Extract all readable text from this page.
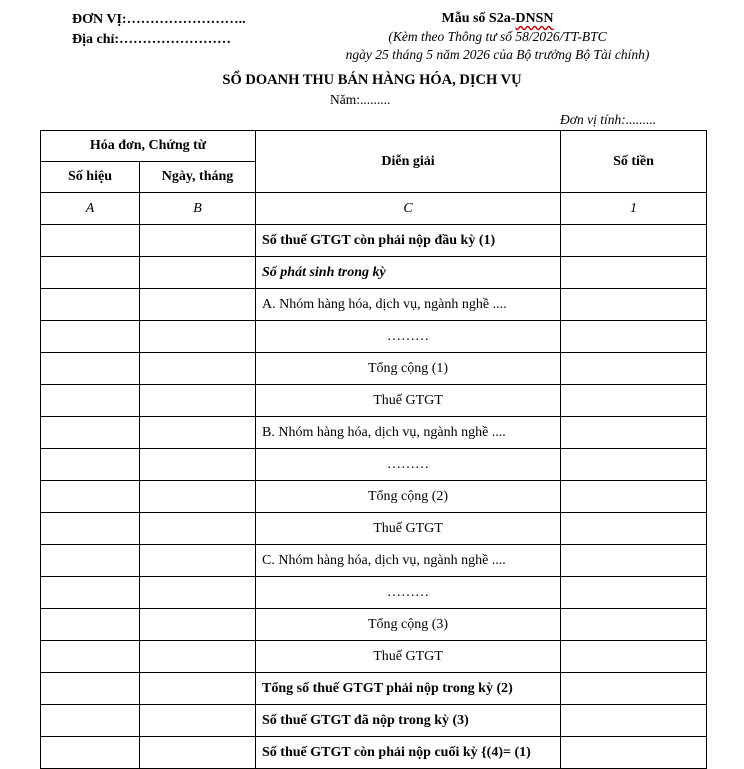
ĐƠN VỊ:……………………..
Địa chỉ:……………………
Mẫu số S2a-DNSN
(Kèm theo Thông tư số 58/2026/TT-BTC
ngày 25 tháng 5 năm 2026 của Bộ trưởng Bộ Tài chính)
SỔ DOANH THU BÁN HÀNG HÓA, DỊCH VỤ
Năm:.........
Đơn vị tính:.........
Hóa đơn, Chứng từ		Diễn giải	Số tiền
Số hiệu	Ngày, tháng		
A	B	C	1
		Số thuế GTGT còn phải nộp đầu kỳ (1)	
		Số phát sinh trong kỳ	
		A. Nhóm hàng hóa, dịch vụ, ngành nghề ....	
		………	
		Tổng cộng (1)	
		Thuế GTGT	
		B. Nhóm hàng hóa, dịch vụ, ngành nghề ....	
		………	
		Tổng cộng (2)	
		Thuế GTGT	
		C. Nhóm hàng hóa, dịch vụ, ngành nghề ....	
		………	
		Tổng cộng (3)	
		Thuế GTGT	
		Tổng số thuế GTGT phải nộp trong kỳ (2)	
		Số thuế GTGT đã nộp trong kỳ (3)	
		Số thuế GTGT còn phải nộp cuối kỳ {(4)= (1)	
